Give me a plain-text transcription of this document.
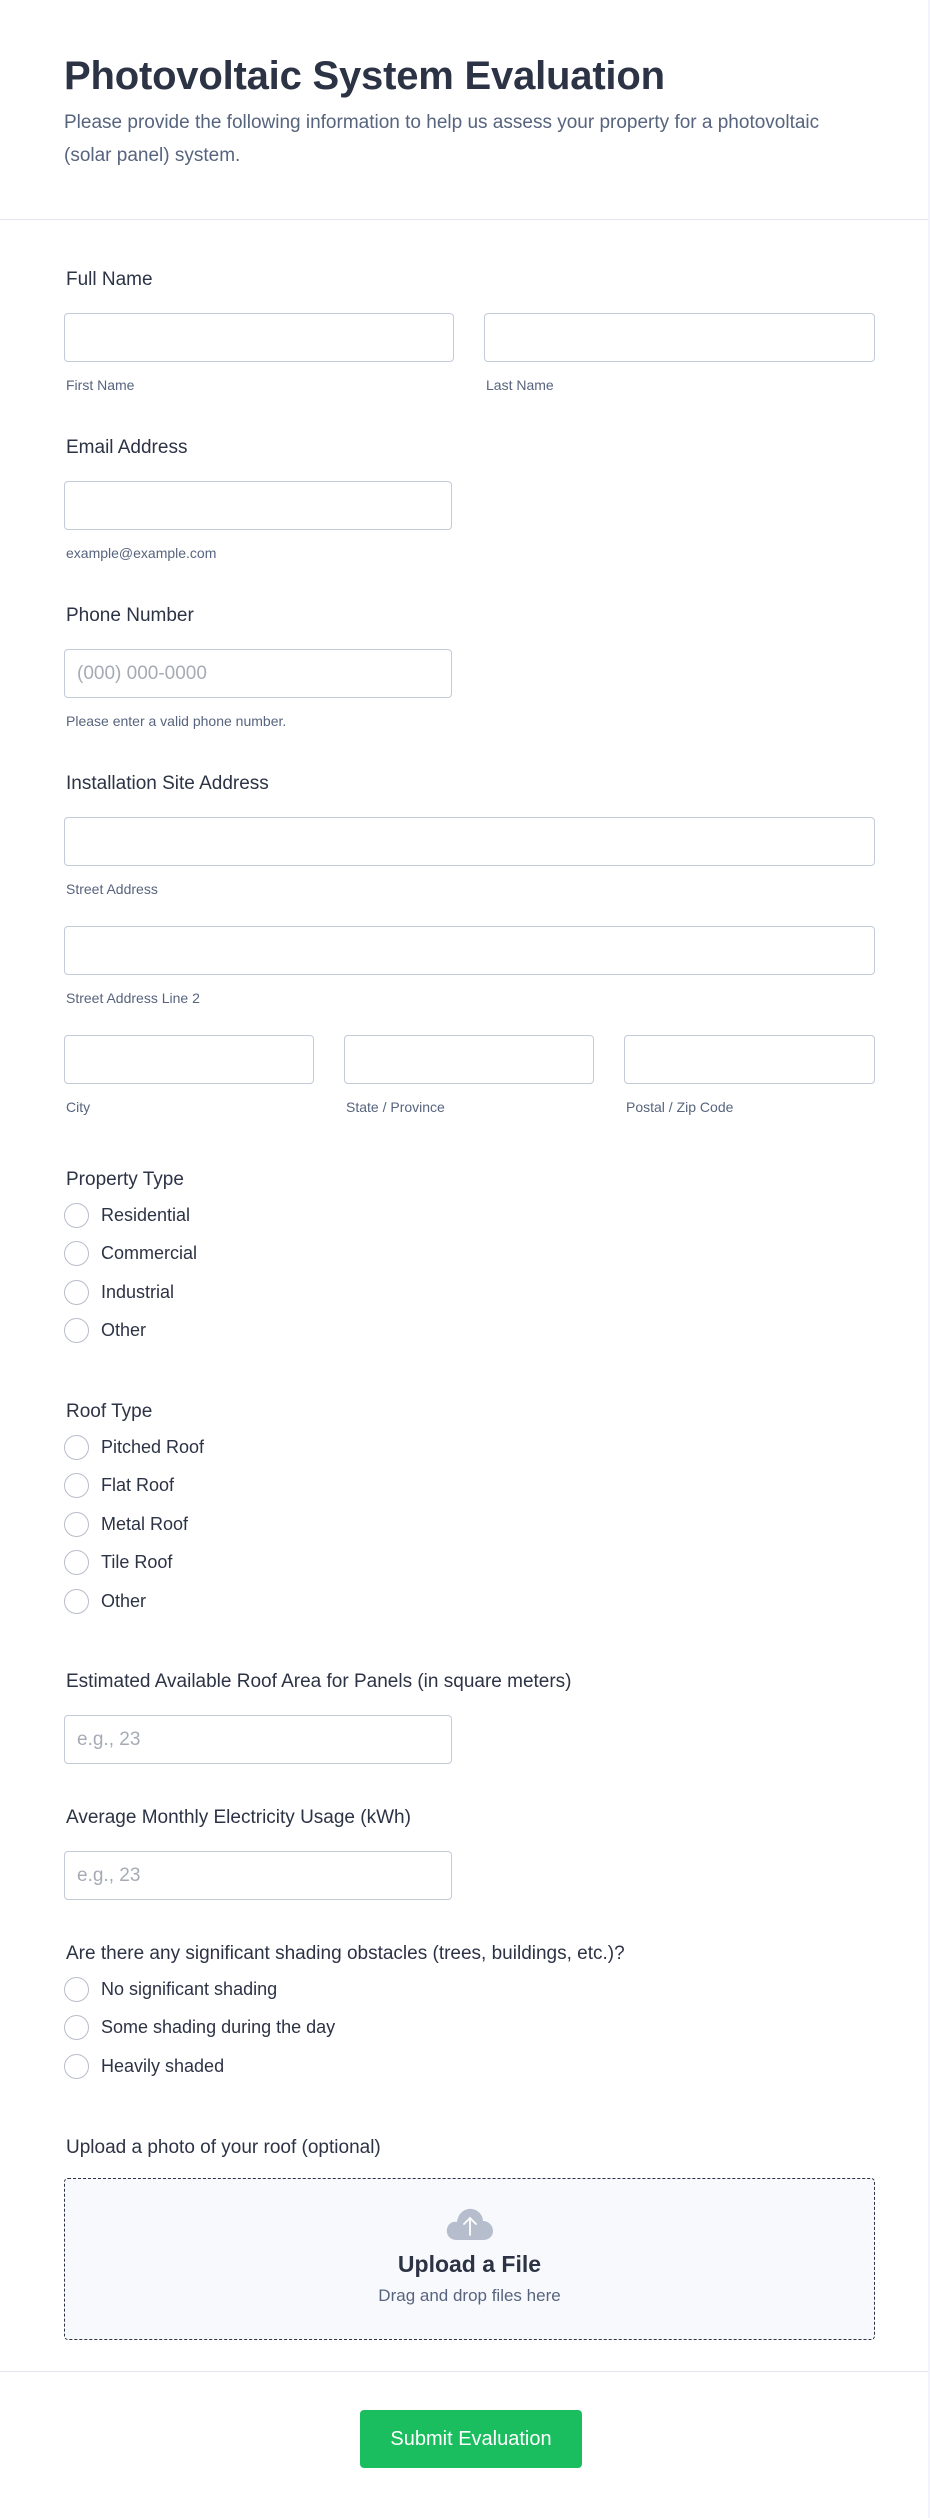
Photovoltaic System Evaluation

Please provide the following information to help us assess your property for a photovoltaic (solar panel) system.

Full Name
First Name	Last Name
Email Address
example@example.com
Phone Number
(000) 000-0000
Please enter a valid phone number.
Installation Site Address
Street Address
Street Address Line 2
City	State / Province	Postal / Zip Code
Property Type
Residential
Commercial
Industrial
Other
Roof Type
Pitched Roof
Flat Roof
Metal Roof
Tile Roof
Other
Estimated Available Roof Area for Panels (in square meters)
e.g., 23
Average Monthly Electricity Usage (kWh)
e.g., 23
Are there any significant shading obstacles (trees, buildings, etc.)?
No significant shading
Some shading during the day
Heavily shaded
Upload a photo of your roof (optional)
Upload a File
Drag and drop files here
Submit Evaluation
